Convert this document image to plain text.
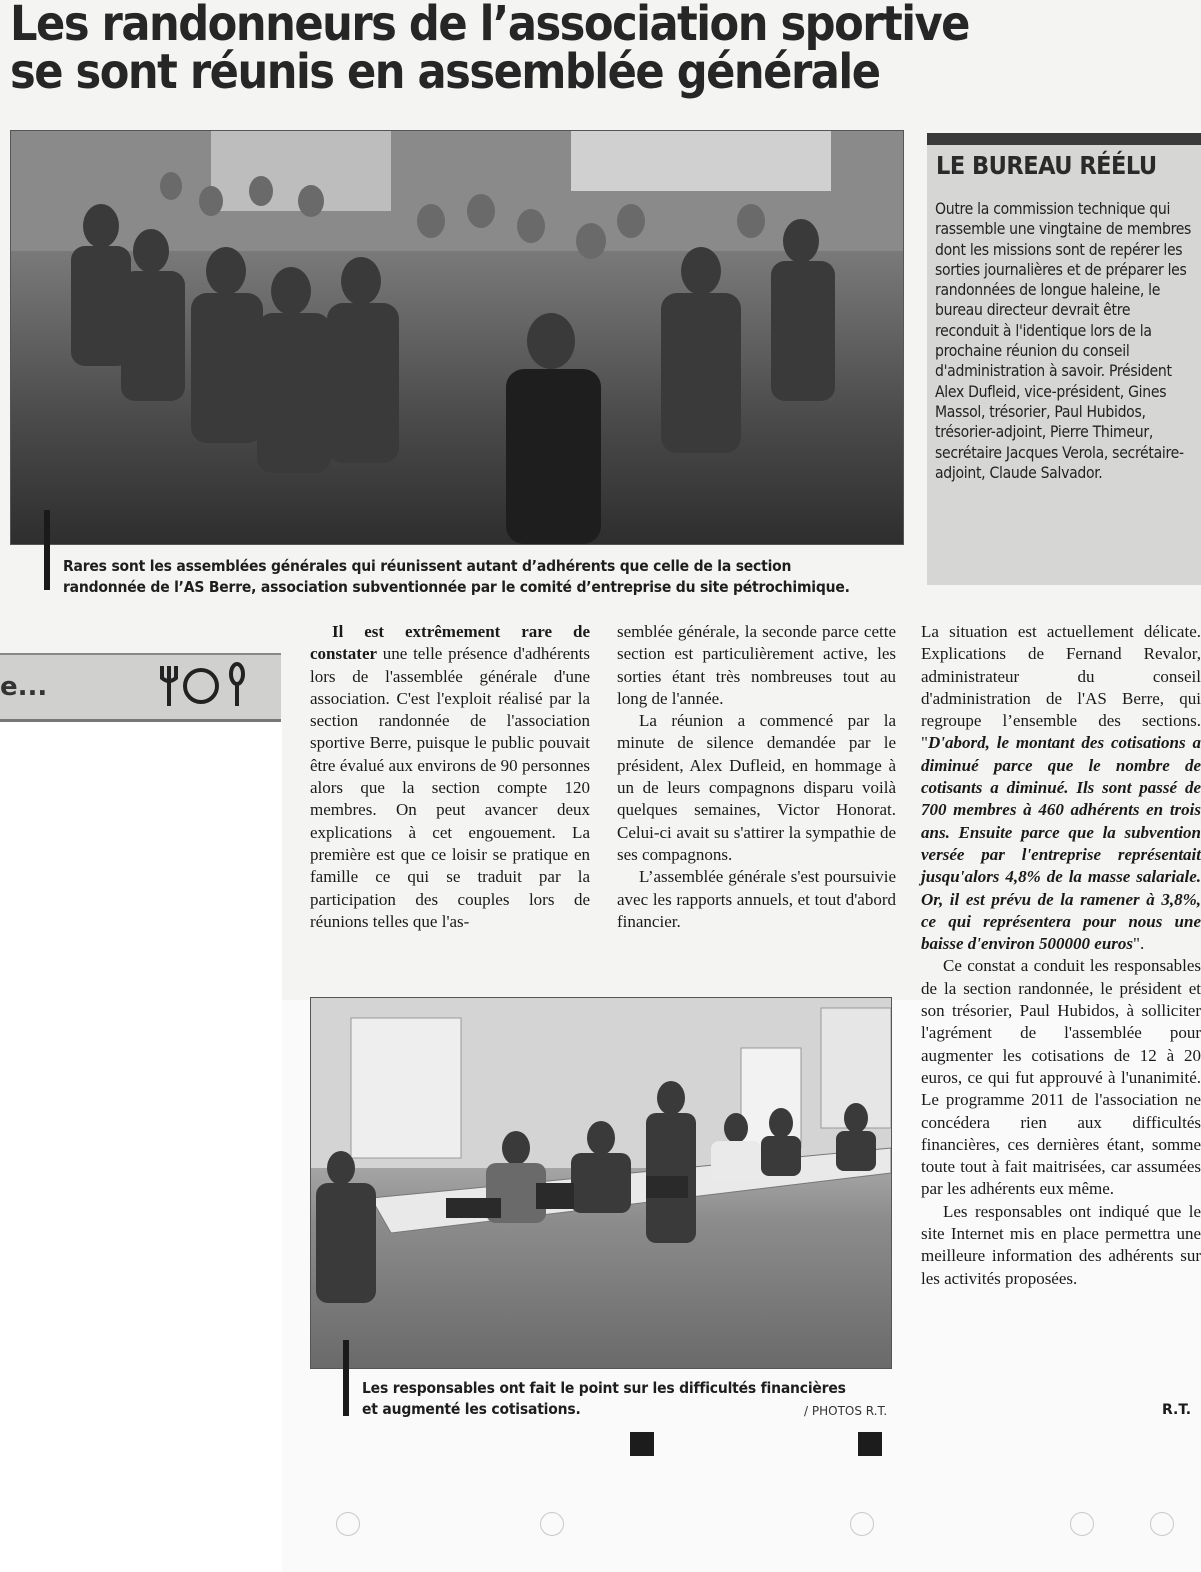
Les randonneurs de l’association sportive
se sont réunis en assemblée générale

Rares sont les assemblées générales qui réunissent autant d’adhérents que celle de la section
randonnée de l’AS Berre, association subventionnée par le comité d’entreprise du site pétrochimique.

LE BUREAU RÉÉLU

Outre la commission technique qui rassemble une vingtaine de membres dont les missions sont de repérer les sorties journalières et de préparer les randonnées de longue haleine, le bureau directeur devrait être reconduit à l'identique lors de la prochaine réunion du conseil d'administration à savoir. Président Alex Dufleid, vice-président, Gines Massol, trésorier, Paul Hubidos, trésorier-adjoint, Pierre Thimeur, secrétaire Jacques Verola, secrétaire-adjoint, Claude Salvador.

e...

Il est extrêmement rare de constater une telle présence d'adhérents lors de l'assemblée générale d'une association. C'est l'exploit réalisé par la section randonnée de l'association sportive Berre, puisque le public pouvait être évalué aux environs de 90 personnes alors que la section compte 120 membres. On peut avancer deux explications à cet engouement. La première est que ce loisir se pratique en famille ce qui se traduit par la participation des couples lors de réunions telles que l'as-

semblée générale, la seconde parce cette section est particulièrement active, les sorties étant très nombreuses tout au long de l'année.

La réunion a commencé par la minute de silence demandée par le président, Alex Dufleid, en hommage à un de leurs compagnons disparu voilà quelques semaines, Victor Honorat. Celui-ci avait su s'attirer la sympathie de ses compagnons.

L’assemblée générale s'est poursuivie avec les rapports annuels, et tout d'abord financier.

La situation est actuellement délicate. Explications de Fernand Revalor, administrateur du conseil d'administration de l'AS Berre, qui regroupe l’ensemble des sections. "D'abord, le montant des cotisations a diminué parce que le nombre de cotisants a diminué. Ils sont passé de 700 membres à 460 adhérents en trois ans. Ensuite parce que la subvention versée par l'entreprise représentait jusqu'alors 4,8% de la masse salariale. Or, il est prévu de la ramener à 3,8%, ce qui représentera pour nous une baisse d'environ 500000 euros".

Ce constat a conduit les responsables de la section randonnée, le président et son trésorier, Paul Hubidos, à solliciter l'agrément de l'assemblée pour augmenter les cotisations de 12 à 20 euros, ce qui fut approuvé à l'unanimité. Le programme 2011 de l'association ne concédera rien aux difficultés financières, ces dernières étant, somme toute tout à fait maitrisées, car assumées par les adhérents eux même.

Les responsables ont indiqué que le site Internet mis en place permettra une meilleure information des adhérents sur les activités proposées.

R.T.

Les responsables ont fait le point sur les difficultés financières
et augmenté les cotisations.	/ PHOTOS R.T.
